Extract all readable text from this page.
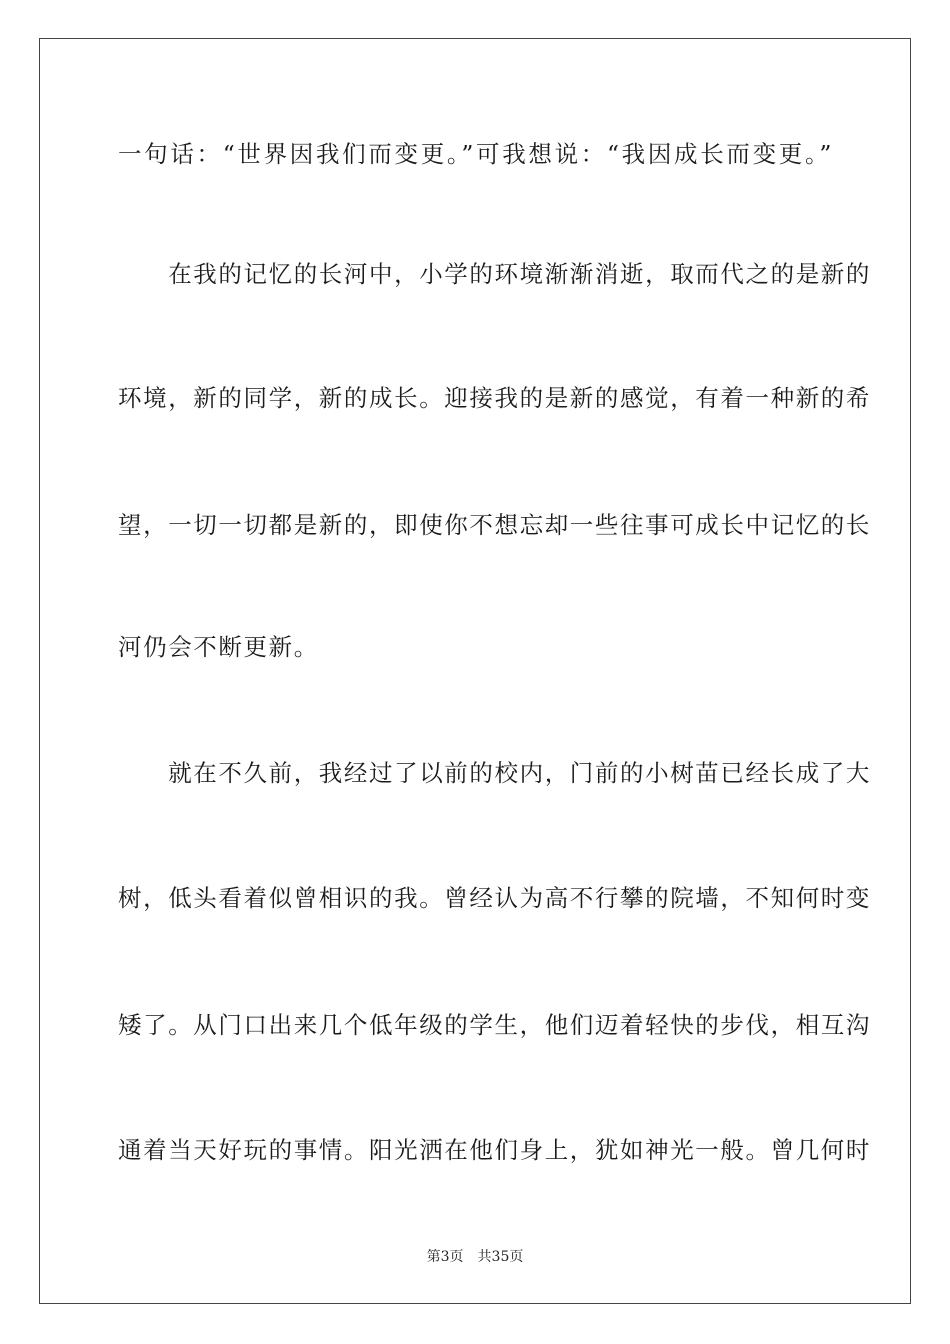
一句话：“世界因我们而变更。”可我想说：“我因成长而变更。”
　　在我的记忆的长河中，小学的环境渐渐消逝，取而代之的是新的
环境，新的同学，新的成长。迎接我的是新的感觉，有着一种新的希
望，一切一切都是新的，即使你不想忘却一些往事可成长中记忆的长
河仍会不断更新。
　　就在不久前，我经过了以前的校内，门前的小树苗已经长成了大
树，低头看着似曾相识的我。曾经认为高不行攀的院墙，不知何时变
矮了。从门口出来几个低年级的学生，他们迈着轻快的步伐，相互沟
通着当天好玩的事情。阳光洒在他们身上，犹如神光一般。曾几何时
第3页 共35页
